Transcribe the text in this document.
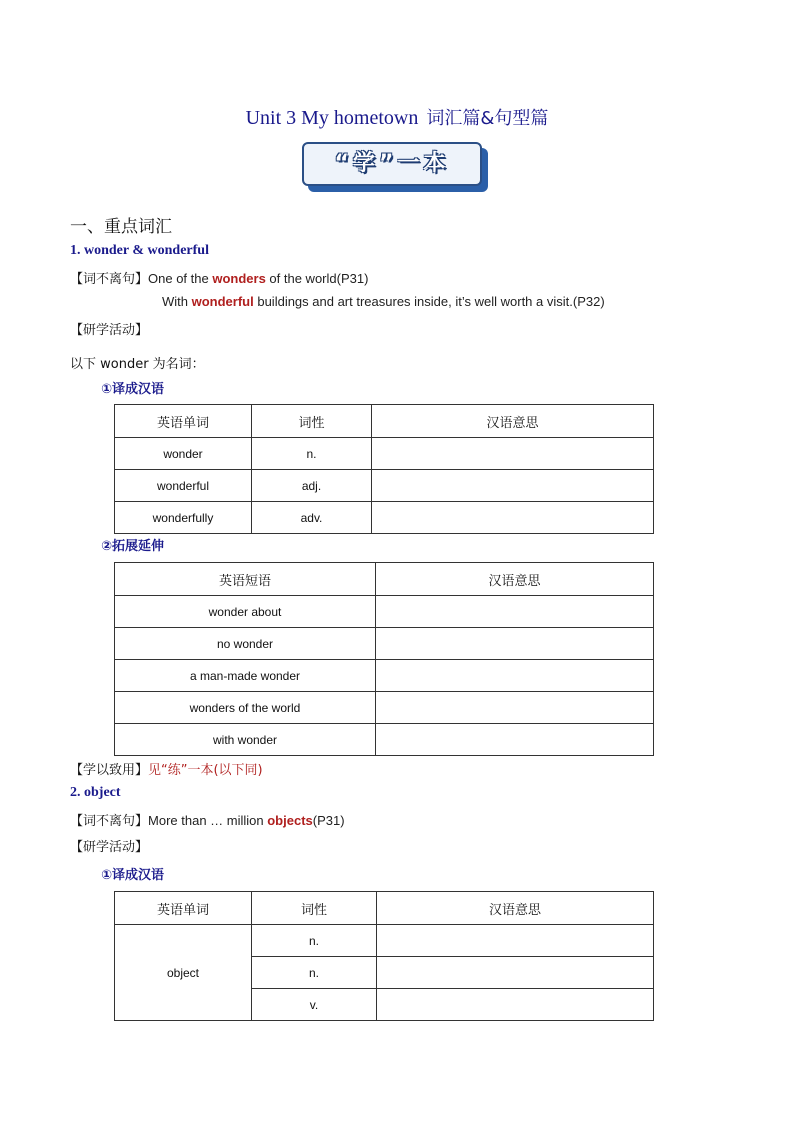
Unit 3 My hometown 词汇篇&句型篇
“学”一本
一、重点词汇
1. wonder & wonderful
【词不离句】One of the wonders of the world(P31)
With wonderful buildings and art treasures inside, it’s well worth a visit.(P32)
【研学活动】
以下 wonder 为名词：
①译成汉语
英语单词	词性	汉语意思
wonder	n.	
wonderful	adj.	
wonderfully	adv.	
②拓展延伸
英语短语	汉语意思
wonder about	
no wonder	
a man-made wonder	
wonders of the world	
with wonder	
【学以致用】见“练”一本(以下同)
2. object
【词不离句】More than … million objects(P31)
【研学活动】
①译成汉语
英语单词	词性	汉语意思
object	n.	
	n.	
	v.	
